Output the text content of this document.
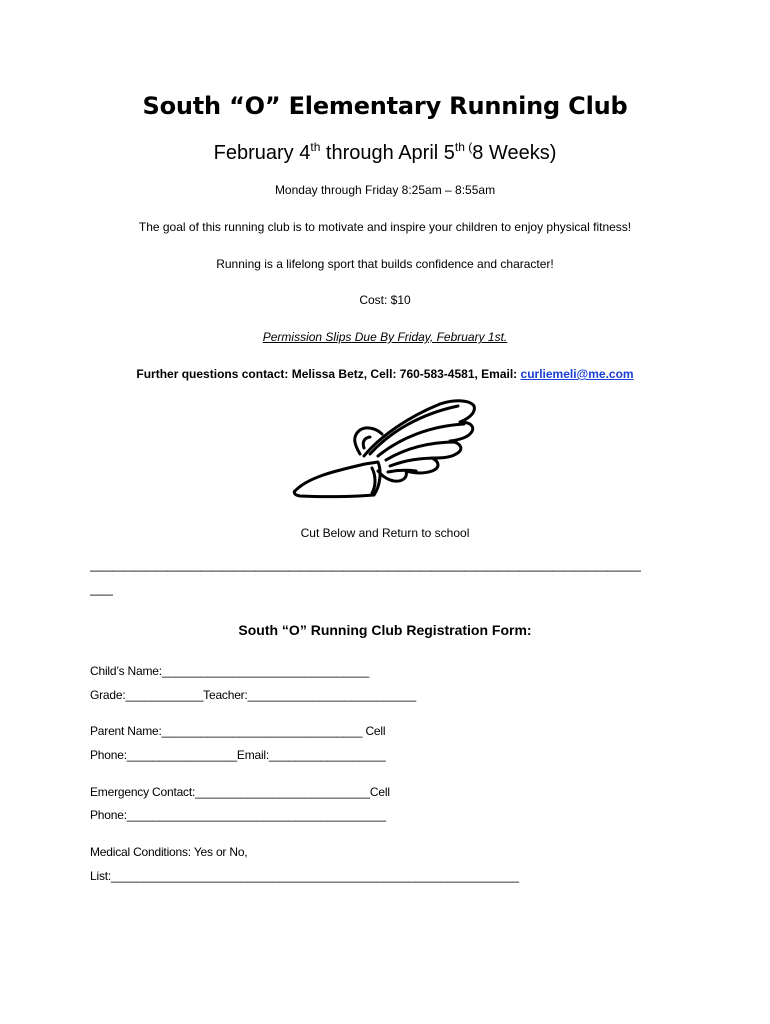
South “O” Elementary Running Club
February 4th through April $5^{th (}8$ Weeks)
Monday through Friday 8:25am – 8:55am
The goal of this running club is to motivate and inspire your children to enjoy physical fitness!
Running is a lifelong sport that builds confidence and character!
Cost: $10
Permission Slips Due By Friday, February 1st.
Further questions contact: Melissa Betz, Cell: 760-583-4581, Email: curliemeli@me.com
Cut Below and Return to school
——————————————————————————————————————————————————
——
South “O” Running Club Registration Form:
Child’s Name:________________________________
Grade:____________Teacher:__________________________
Parent Name:_______________________________ Cell
Phone:_________________Email:__________________
Emergency Contact:___________________________Cell
Phone:________________________________________
Medical Conditions: Yes or No,
List:_______________________________________________________________
